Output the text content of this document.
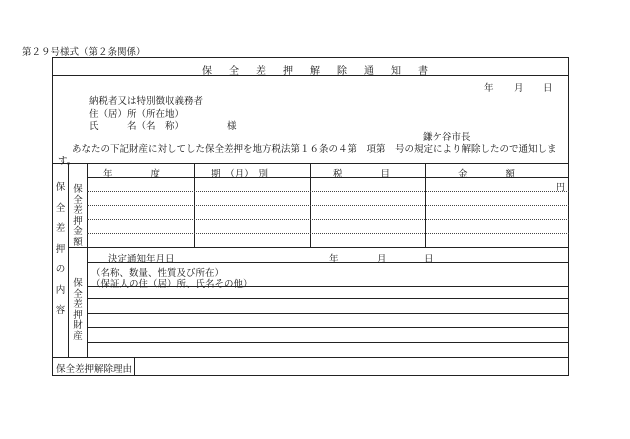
第２９号様式（第２条関係）
保全差押解除通知書
年 月 日
納税者又は特別徴収義務者
住（居）所（所在地）
氏　　　名（名　称）	様
鎌ケ谷市長
あなたの下記財産に対してした保全差押を地方税法第１６条の４第　項第　号の規定により解除したので通知しま
す。
年　　　　度	期　（月）　別	税　　　　目	金　　　　額
円
決定通知年月日	年	月	日
（名称、数量、性質及び所在）
（保証人の住（居）所、氏名その他）
保
全
差
押
の
内
容
保
全
差
押
金
額
保
全
差
押
財
産
保全差押解除理由
